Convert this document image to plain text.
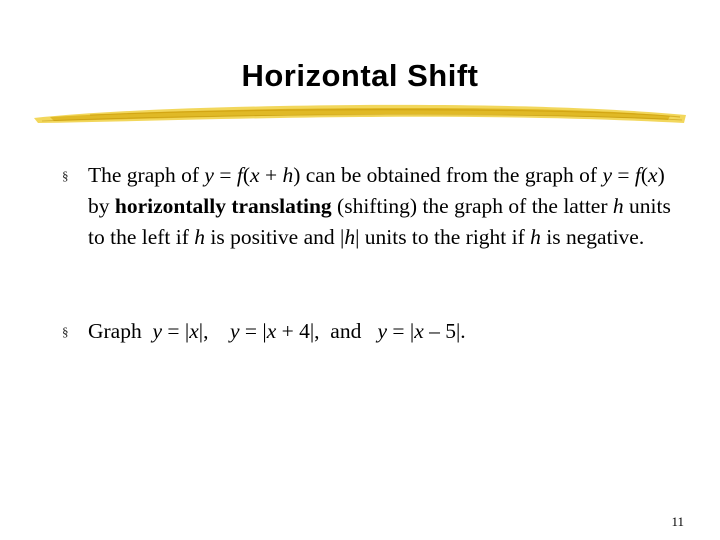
Horizontal Shift
§ The graph of y = f(x + h) can be obtained from the graph of y = f(x) by horizontally translating (shifting) the graph of the latter h units to the left if h is positive and |h| units to the right if h is negative.
§ Graph  y = |x|,    y = |x + 4|,  and   y = |x – 5|.
11
